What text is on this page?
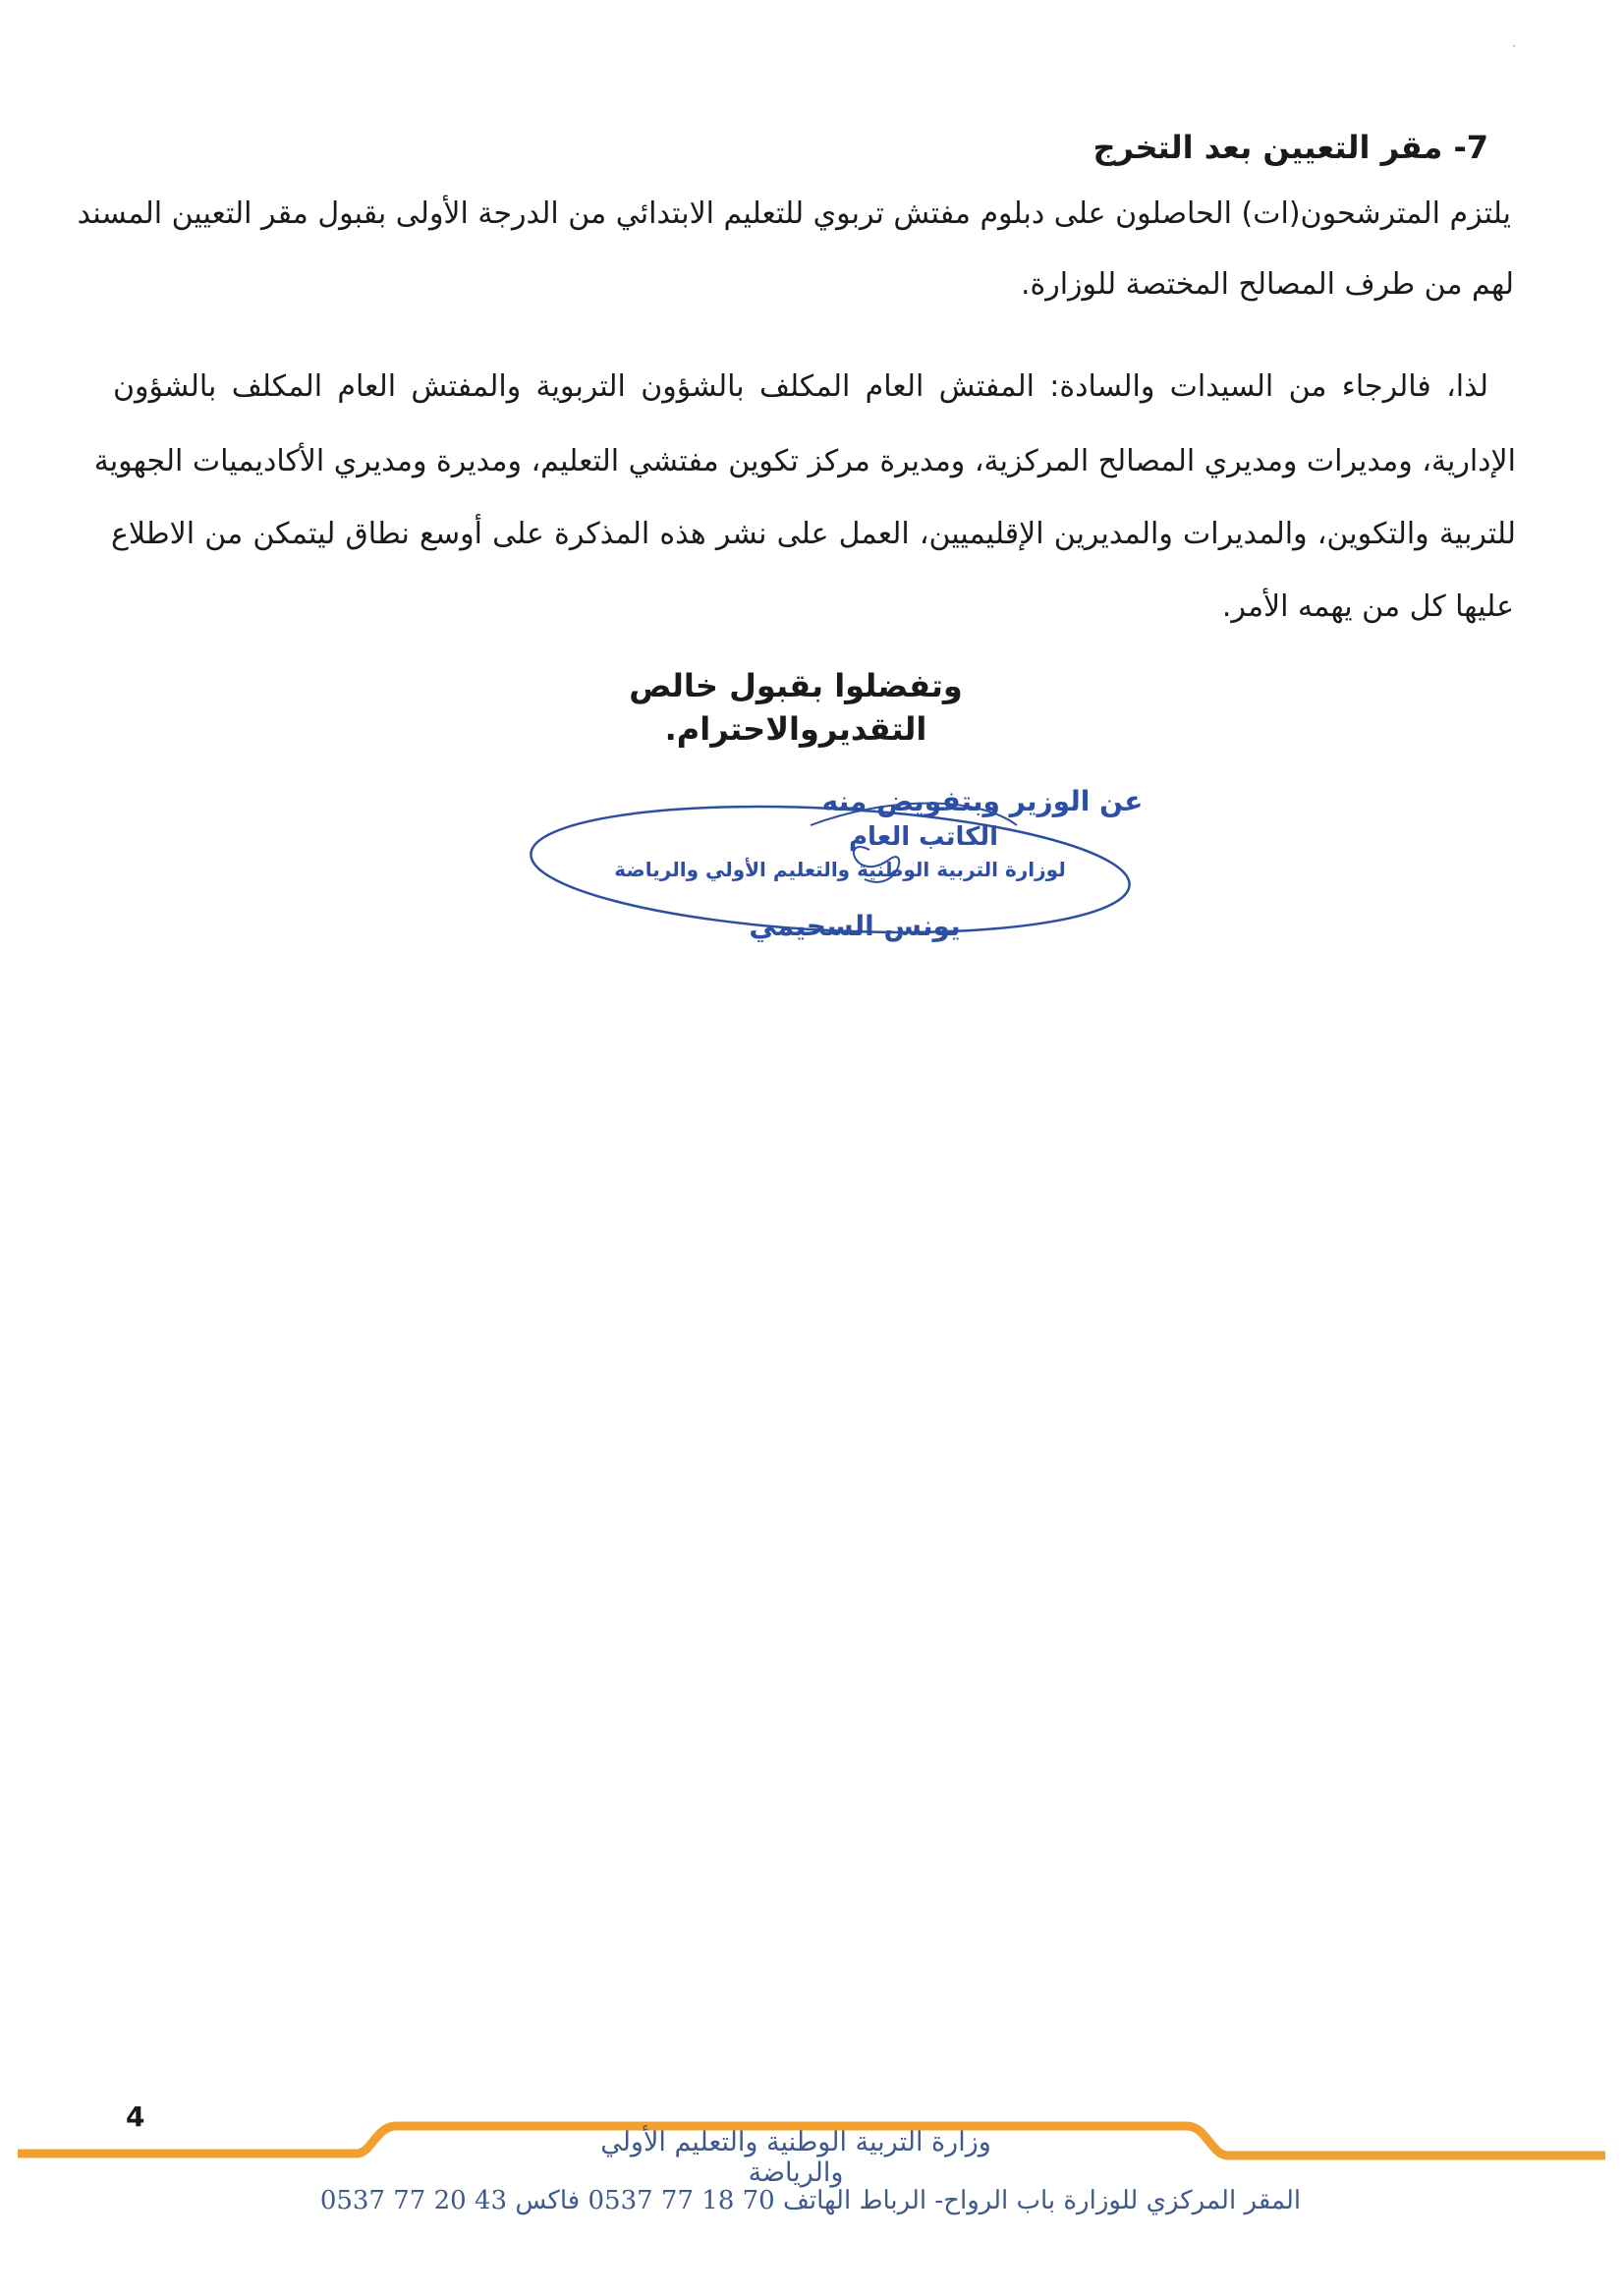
·
7- مقر التعيين بعد التخرج
يلتزم المترشحون(ات) الحاصلون على دبلوم مفتش تربوي للتعليم الابتدائي من الدرجة الأولى بقبول مقر التعيين المسند
لهم من طرف المصالح المختصة للوزارة.
لذا، فالرجاء من السيدات والسادة: المفتش العام المكلف بالشؤون التربوية والمفتش العام المكلف بالشؤون
الإدارية، ومديرات ومديري المصالح المركزية، ومديرة مركز تكوين مفتشي التعليم، ومديرة ومديري الأكاديميات الجهوية
للتربية والتكوين، والمديرات والمديرين الإقليميين، العمل على نشر هذه المذكرة على أوسع نطاق ليتمكن من الاطلاع
عليها كل من يهمه الأمر.
وتفضلوا بقبول خالص التقديروالاحترام.
عن الوزير وبتفويض منه
الكاتب العام
لوزارة التربية الوطنية والتعليم الأولي والرياضة
يونس السحيمي
4
وزارة التربية الوطنية والتعليم الأولي والرياضة
المقر المركزي للوزارة باب الرواح- الرباط الهاتف 70 18 77 0537 فاكس 43 20 77 0537
